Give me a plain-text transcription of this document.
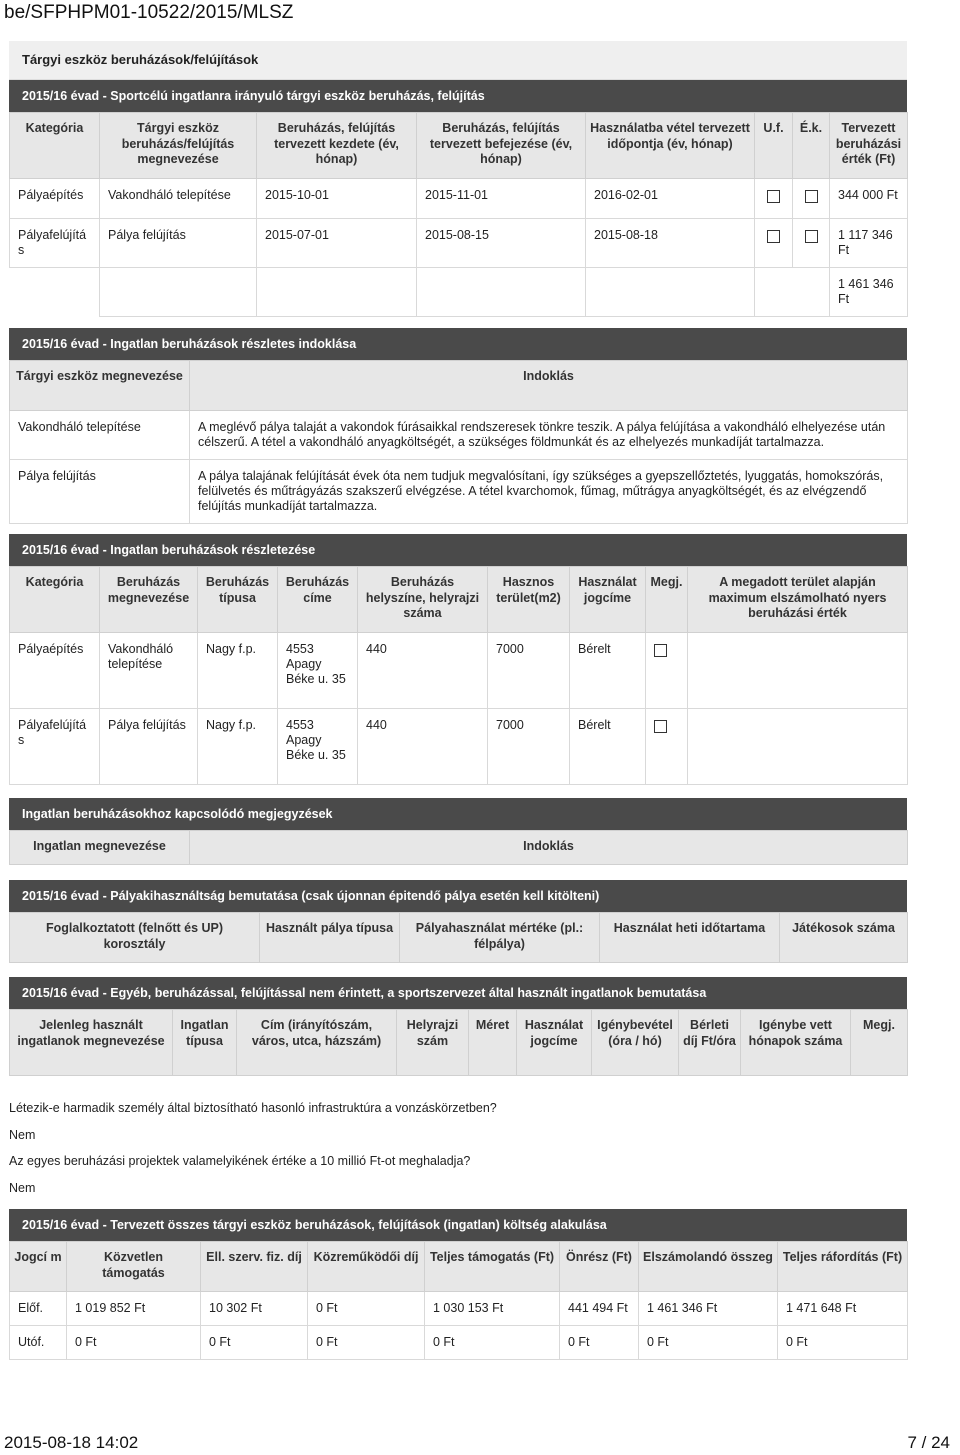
be/SFPHPM01-10522/2015/MLSZ
Tárgyi eszköz beruházások/felújítások
2015/16 évad - Sportcélú ingatlanra irányuló tárgyi eszköz beruházás, felújítás
Kategória	Tárgyi eszköz beruházás/felújítás megnevezése	Beruházás, felújítás tervezett kezdete (év, hónap)	Beruházás, felújítás tervezett befejezése (év, hónap)	Használatba vétel tervezett időpontja (év, hónap)	U.f.	É.k.	Tervezett beruházási érték (Ft)
Pályaépítés	Vakondháló telepítése	2015-10-01	2015-11-01	2016-02-01			344 000 Ft
Pályafelújítás	Pálya felújítás	2015-07-01	2015-08-15	2015-08-18			1 117 346 Ft
							1 461 346 Ft
2015/16 évad - Ingatlan beruházások részletes indoklása
Tárgyi eszköz megnevezése	Indoklás
Vakondháló telepítése	A meglévő pálya talaját a vakondok fúrásaikkal rendszeresek tönkre teszik. A pálya felújítása a vakondháló elhelyezése után célszerű. A tétel a vakondháló anyagköltségét, a szükséges földmunkát és az elhelyezés munkadíját tartalmazza.
Pálya felújítás	A pálya talajának felújítását évek óta nem tudjuk megvalósítani, így szükséges a gyepszellőztetés, lyuggatás, homokszórás, felülvetés és műtrágyázás szakszerű elvégzése. A tétel kvarchomok, fűmag, műtrágya anyagköltségét, és az elvégzendő felújítás munkadíját tartalmazza.
2015/16 évad - Ingatlan beruházások részletezése
Kategória	Beruházás megnevezése	Beruházás típusa	Beruházás címe	Beruházás helyszíne, helyrajzi száma	Hasznos terület(m2)	Használat jogcíme	Megj.	A megadott terület alapján maximum elszámolható nyers beruházási érték
Pályaépítés	Vakondháló telepítése	Nagy f.p.	4553 Apagy Béke u. 35	440	7000	Bérelt		
Pályafelújítás	Pálya felújítás	Nagy f.p.	4553 Apagy Béke u. 35	440	7000	Bérelt		
Ingatlan beruházásokhoz kapcsolódó megjegyzések
Ingatlan megnevezése	Indoklás
2015/16 évad - Pályakihasználtság bemutatása (csak újonnan épitendő pálya esetén kell kitölteni)
Foglalkoztatott (felnőtt és UP) korosztály	Használt pálya típusa	Pályahasználat mértéke (pl.: félpálya)	Használat heti időtartama	Játékosok száma
2015/16 évad - Egyéb, beruházással, felújítással nem érintett, a sportszervezet által használt ingatlanok bemutatása
Jelenleg használt ingatlanok megnevezése	Ingatlan típusa	Cím (irányítószám, város, utca, házszám)	Helyrajzi szám	Méret	Használat jogcíme	Igénybevétel (óra / hó)	Bérleti díj Ft/óra	Igénybe vett hónapok száma	Megj.
Létezik-e harmadik személy által biztosítható hasonló infrastruktúra a vonzáskörzetben?
Nem
Az egyes beruházási projektek valamelyikének értéke a 10 millió Ft-ot meghaladja?
Nem
2015/16 évad - Tervezett összes tárgyi eszköz beruházások, felújítások (ingatlan) költség alakulása
Jogcí m	Közvetlen támogatás	Ell. szerv. fiz. díj	Közreműködői díj	Teljes támogatás (Ft)	Önrész (Ft)	Elszámolandó összeg	Teljes ráfordítás (Ft)
Előf.	1 019 852 Ft	10 302 Ft	0 Ft	1 030 153 Ft	441 494 Ft	1 461 346 Ft	1 471 648 Ft
Utóf.	0 Ft	0 Ft	0 Ft	0 Ft	0 Ft	0 Ft	0 Ft
2015-08-18 14:02	7 / 24
